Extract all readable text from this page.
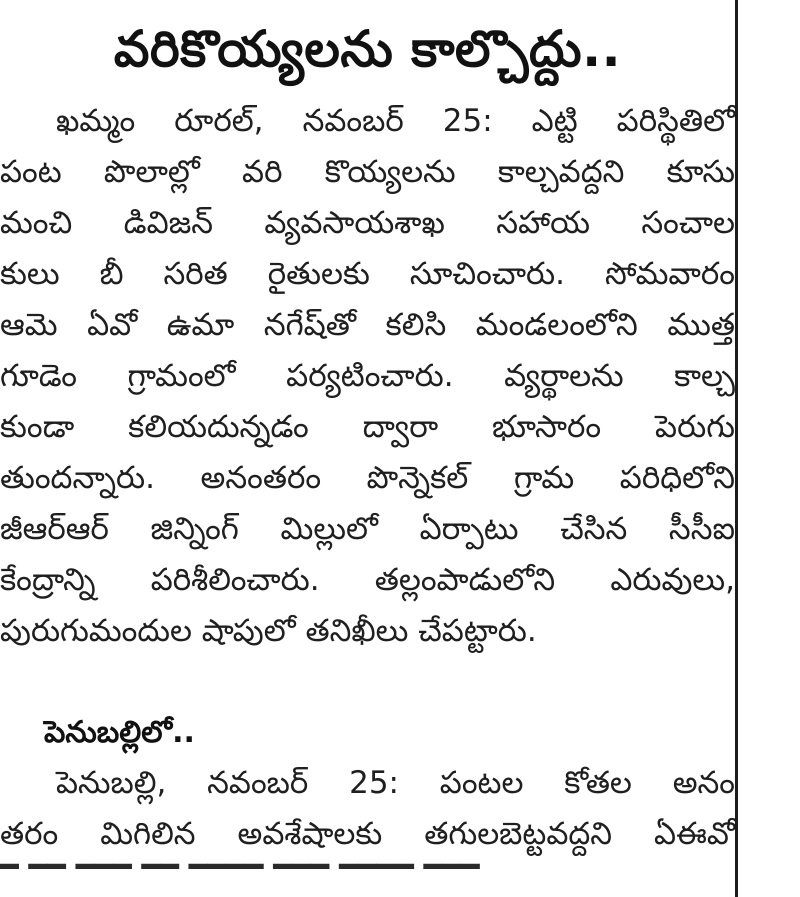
వరికొయ్యలను కాల్చొద్దు..
ఖమ్మం రూరల్‌, నవంబర్‌ 25: ఎట్టి పరిస్థితిలో
పంట పొలాల్లో వరి కొయ్యలను కాల్చవద్దని కూసు
మంచి డివిజన్‌ వ్యవసాయశాఖ సహాయ సంచాల
కులు బీ సరిత రైతులకు సూచించారు. సోమవారం
ఆమె ఏవో ఉమా నగేష్‌తో కలిసి మండలంలోని ముత్త
గూడెం గ్రామంలో పర్యటించారు. వ్యర్థాలను కాల్చ
కుండా కలియదున్నడం ద్వారా భూసారం పెరుగు
తుందన్నారు. అనంతరం పొన్నెకల్‌ గ్రామ పరిధిలోని
జీఆర్‌ఆర్‌ జిన్నింగ్‌ మిల్లులో ఏర్పాటు చేసిన సీసీఐ
కేంద్రాన్ని పరిశీలించారు. తల్లంపాడులోని ఎరువులు,
పురుగుమందుల షాపులో తనిఖీలు చేపట్టారు.
పెనుబల్లిలో..
పెనుబల్లి, నవంబర్‌ 25: పంటల కోతల అనం
తరం మిగిలిన అవశేషాలకు తగులబెట్టవద్దని ఏఈవో
━ ━━ ━━━ ━━ ━━━━ ━━━ ━━━━ ━━━
